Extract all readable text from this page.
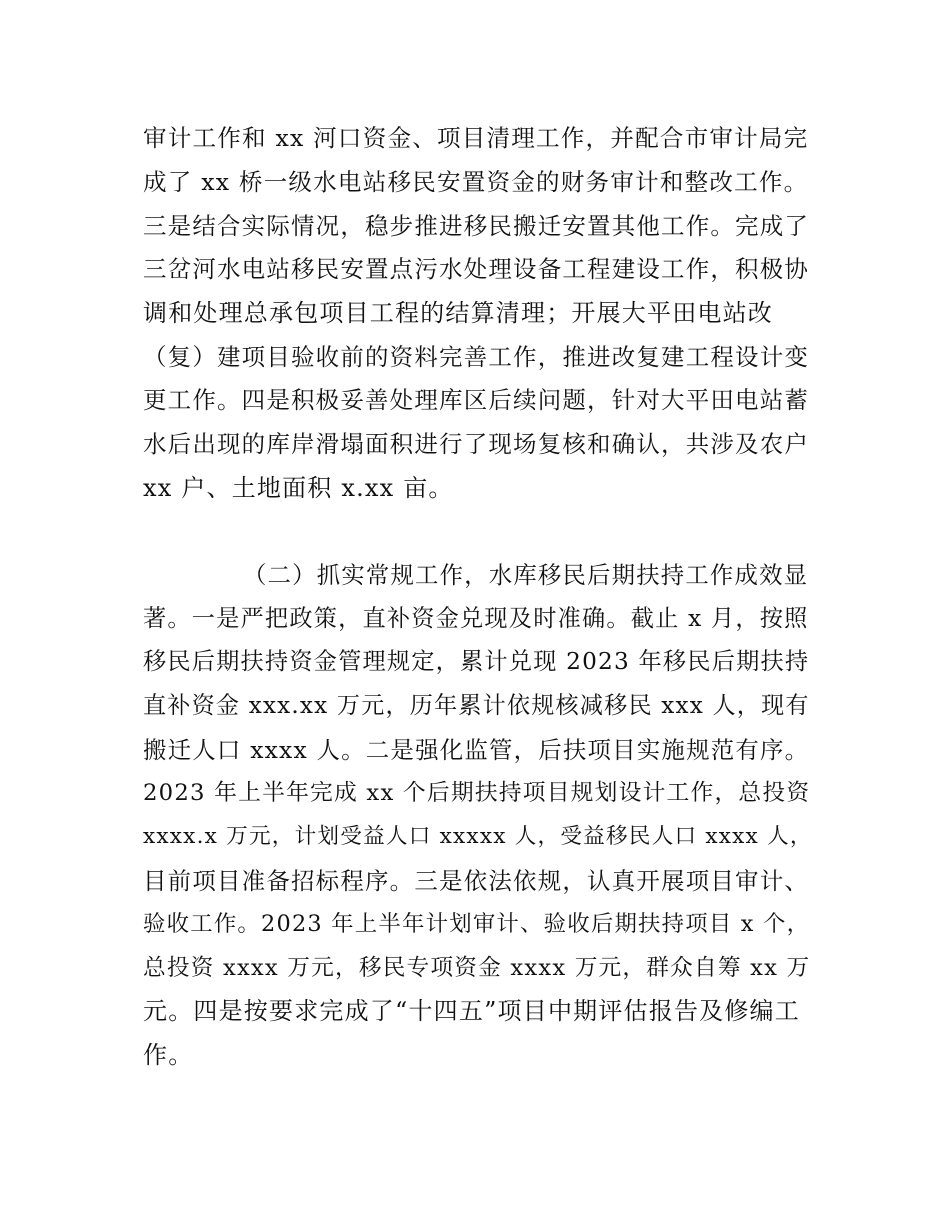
审计工作和 xx 河口资金、项目清理工作，并配合市审计局完

成了 xx 桥一级水电站移民安置资金的财务审计和整改工作。

三是结合实际情况，稳步推进移民搬迁安置其他工作。完成了

三岔河水电站移民安置点污水处理设备工程建设工作，积极协

调和处理总承包项目工程的结算清理；开展大平田电站改

（复）建项目验收前的资料完善工作，推进改复建工程设计变

更工作。四是积极妥善处理库区后续问题，针对大平田电站蓄

水后出现的库岸滑塌面积进行了现场复核和确认，共涉及农户

xx 户、土地面积 x.xx 亩。

（二）抓实常规工作，水库移民后期扶持工作成效显

著。一是严把政策，直补资金兑现及时准确。截止 x 月，按照

移民后期扶持资金管理规定，累计兑现 2023 年移民后期扶持

直补资金 xxx.xx 万元，历年累计依规核减移民 xxx 人，现有

搬迁人口 xxxx 人。二是强化监管，后扶项目实施规范有序。

2023 年上半年完成 xx 个后期扶持项目规划设计工作，总投资

xxxx.x 万元，计划受益人口 xxxxx 人，受益移民人口 xxxx 人，

目前项目准备招标程序。三是依法依规，认真开展项目审计、

验收工作。2023 年上半年计划审计、验收后期扶持项目 x 个，

总投资 xxxx 万元，移民专项资金 xxxx 万元，群众自筹 xx 万

元。四是按要求完成了“十四五”项目中期评估报告及修编工

作。
